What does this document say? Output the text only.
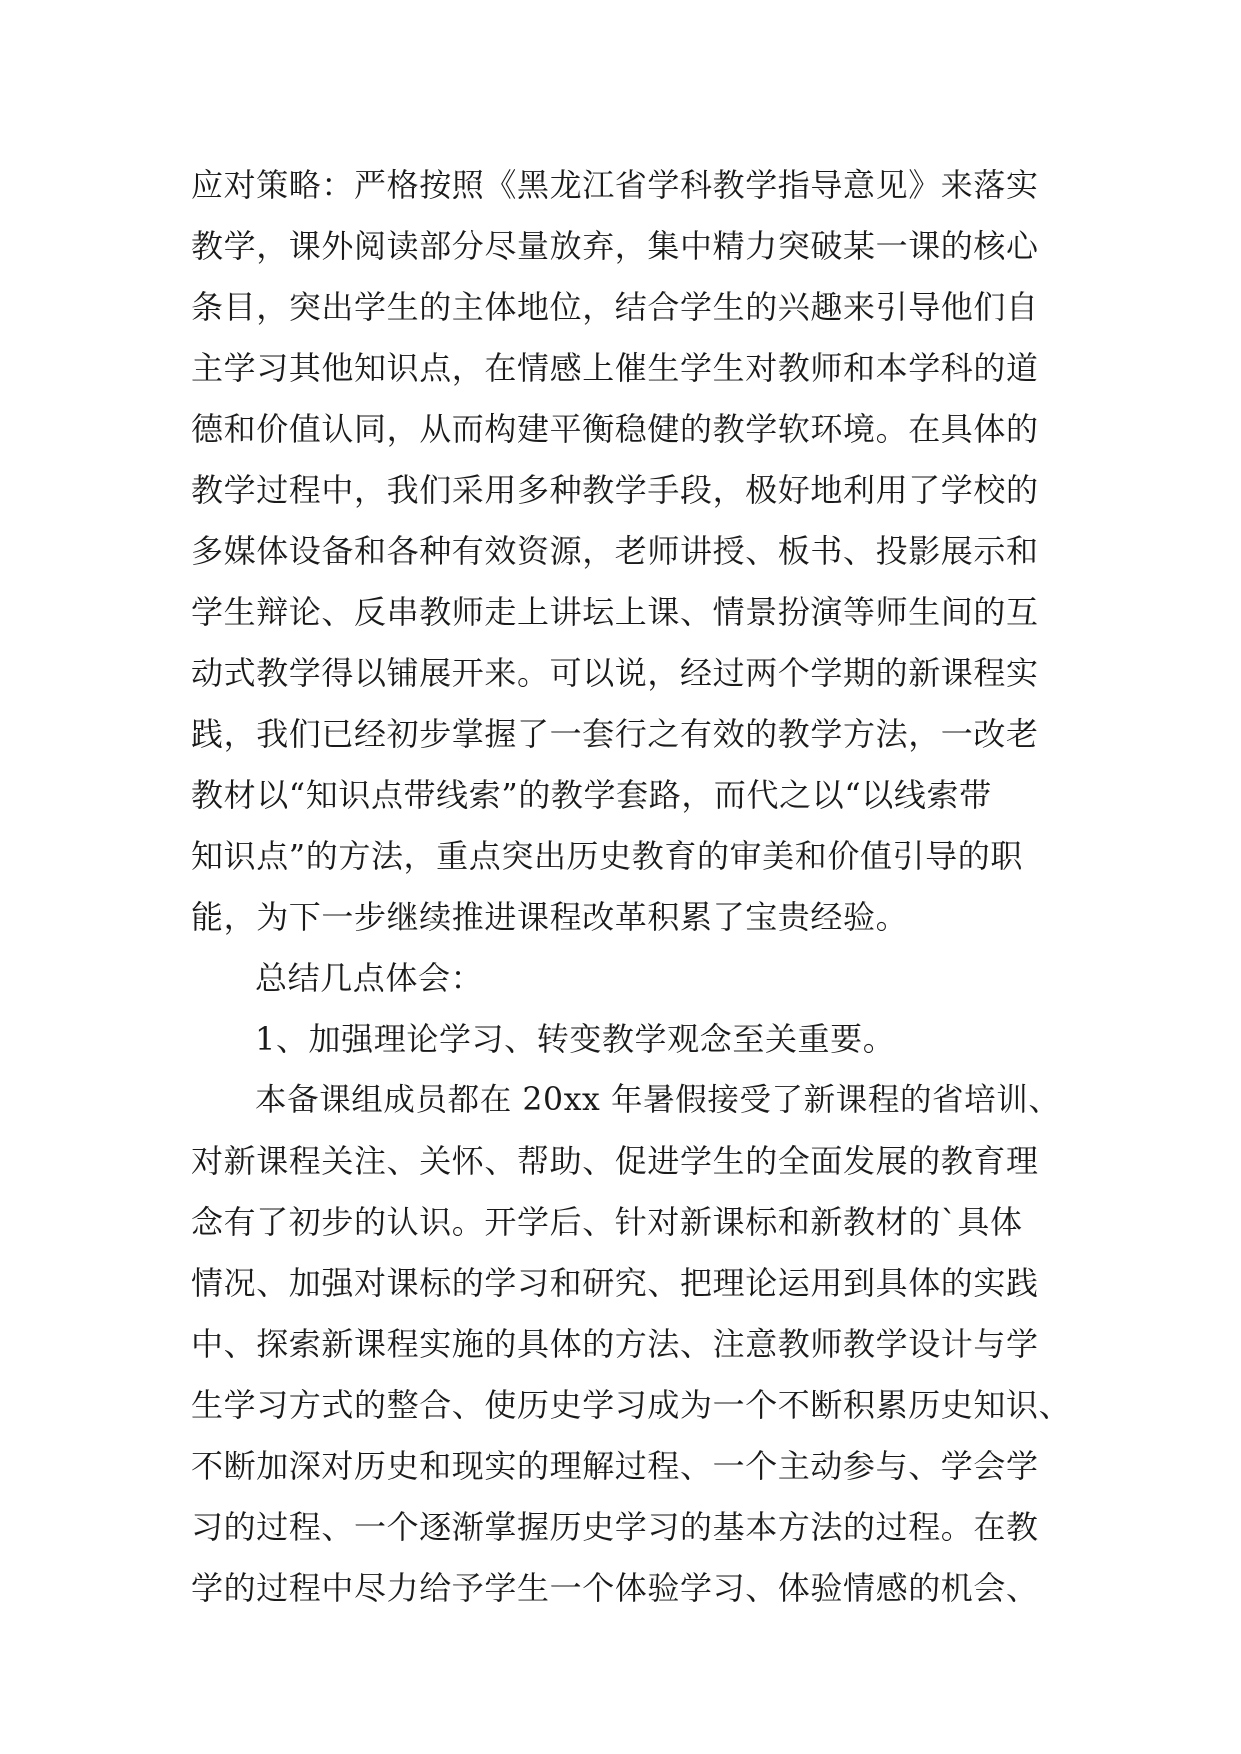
应对策略：严格按照《黑龙江省学科教学指导意见》来落实
教学，课外阅读部分尽量放弃，集中精力突破某一课的核心
条目，突出学生的主体地位，结合学生的兴趣来引导他们自
主学习其他知识点，在情感上催生学生对教师和本学科的道
德和价值认同，从而构建平衡稳健的教学软环境。在具体的
教学过程中，我们采用多种教学手段，极好地利用了学校的
多媒体设备和各种有效资源，老师讲授、板书、投影展示和
学生辩论、反串教师走上讲坛上课、情景扮演等师生间的互
动式教学得以铺展开来。可以说，经过两个学期的新课程实
践，我们已经初步掌握了一套行之有效的教学方法，一改老
教材以“知识点带线索”的教学套路，而代之以“以线索带
知识点”的方法，重点突出历史教育的审美和价值引导的职
能，为下一步继续推进课程改革积累了宝贵经验。
总结几点体会：
1、加强理论学习、转变教学观念至关重要。
本备课组成员都在 20xx 年暑假接受了新课程的省培训、
对新课程关注、关怀、帮助、促进学生的全面发展的教育理
念有了初步的认识。开学后、针对新课标和新教材的`具体
情况、加强对课标的学习和研究、把理论运用到具体的实践
中、探索新课程实施的具体的方法、注意教师教学设计与学
生学习方式的整合、使历史学习成为一个不断积累历史知识、
不断加深对历史和现实的理解过程、一个主动参与、学会学
习的过程、一个逐渐掌握历史学习的基本方法的过程。在教
学的过程中尽力给予学生一个体验学习、体验情感的机会、
